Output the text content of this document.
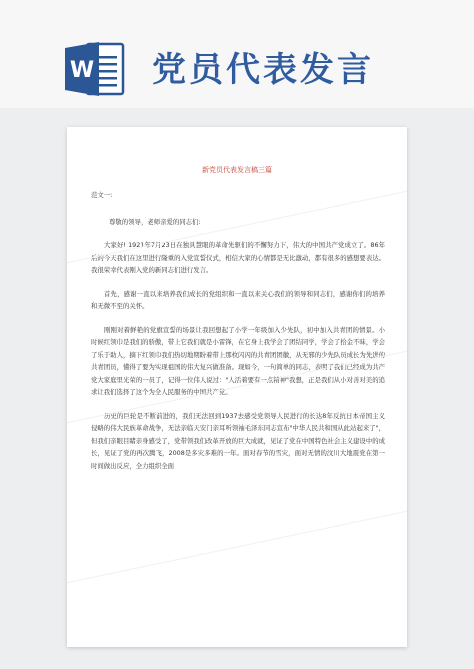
W 党员代表发言
新党员代表发言稿三篇
范文一:
尊敬的领导，老师亲爱的同志们:
大家好! 1921年7月23日在独具慧眼的革命先驱们的不懈努力下，伟大的中国共产党成立了。86年后的今天我们在这里进行隆重的入党宣誓仪式，相信大家的心情都是无比激动，都有很多的感想要表达。我很荣幸代表刚入党的新同志们进行发言。
首先，感谢一直以来培养我们成长的党组织和一直以来关心我们的领导和同志们，感谢你们的培养和无微不至的关怀。
刚刚对着鲜艳的党旗宣誓的场景让我回想起了小学一年级加入少先队，初中加入共青团的情景。小时候红领巾是我们的骄傲，带上它我们就是小雷锋，在它身上我学会了团结同学，学会了拾金不昧，学会了乐于助人，摘下红领巾我们热切地期盼着带上那枚闪闪的共青团团徽，从无邪的少先队员成长为先进的共青团员，懂得了要为实现祖国的伟大复兴做准备。现如今，一句简单的同志，表明了我们已经成为共产党大家庭里光荣的一员了，记得一位伟人说过："人活着要有一点精神"我想，正是我们从小对善对美的追求让我们选择了这个为全人民服务的中国共产党。
历史的巨轮是不断前进的，我们无法回到1937去感受党领导人民进行的长达8年反抗日本帝国主义侵略的伟大民族革命战争，无法亲临天安门亲耳听领袖毛泽东同志宣布"中华人民共和国从此站起来了"，但我们亲眼目睹亲身感受了，党带领我们改革开放的巨大成就，见证了党在中国特色社会主义建设中的成长，见证了党的再次腾飞，2008是多灾多难的一年。面对春节的雪灾，面对无情的汶川大地震党在第一时间做出反应，全力组织全面
